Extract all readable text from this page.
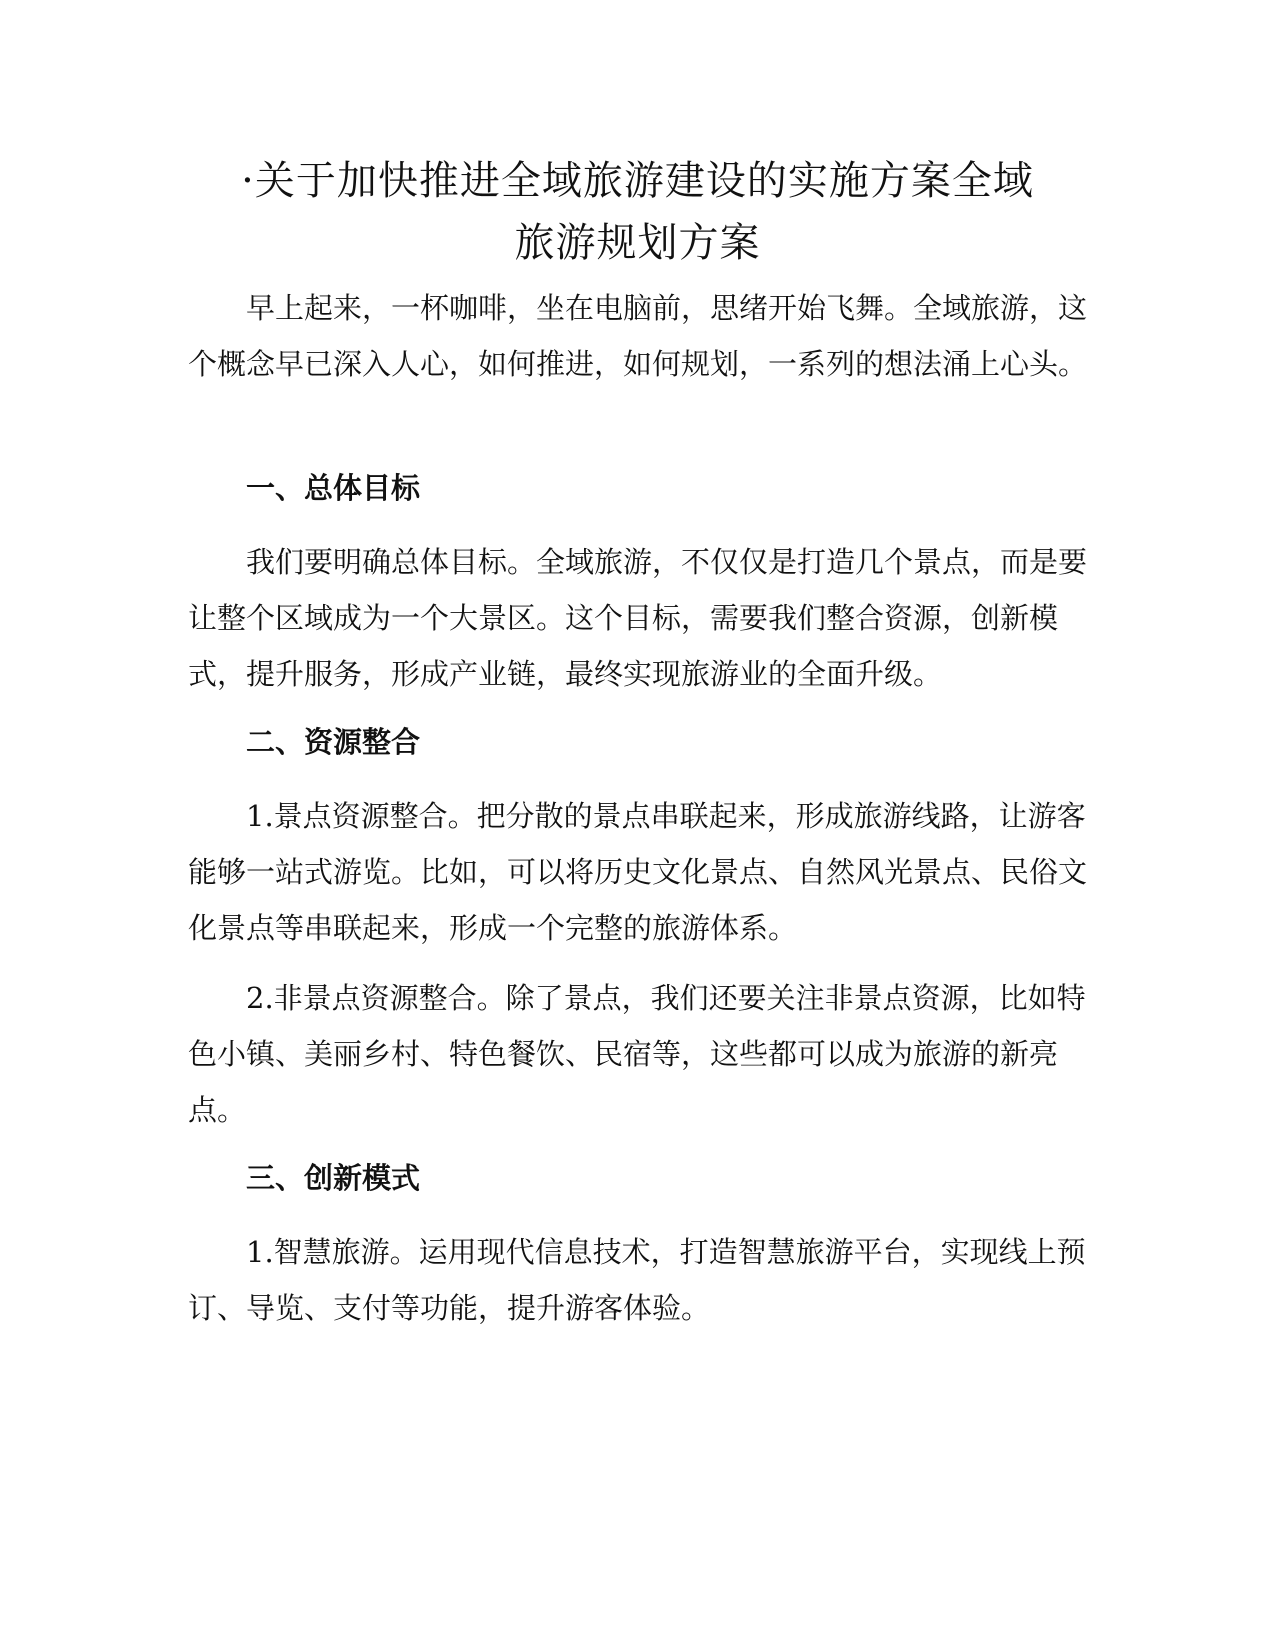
·关于加快推进全域旅游建设的实施方案全域
旅游规划方案

早上起来，一杯咖啡，坐在电脑前，思绪开始飞舞。全域旅游，这个概念早已深入人心，如何推进，如何规划，一系列的想法涌上心头。

一、总体目标

我们要明确总体目标。全域旅游，不仅仅是打造几个景点，而是要让整个区域成为一个大景区。这个目标，需要我们整合资源，创新模式，提升服务，形成产业链，最终实现旅游业的全面升级。

二、资源整合

1.景点资源整合。把分散的景点串联起来，形成旅游线路，让游客能够一站式游览。比如，可以将历史文化景点、自然风光景点、民俗文化景点等串联起来，形成一个完整的旅游体系。

2.非景点资源整合。除了景点，我们还要关注非景点资源，比如特色小镇、美丽乡村、特色餐饮、民宿等，这些都可以成为旅游的新亮点。

三、创新模式

1.智慧旅游。运用现代信息技术，打造智慧旅游平台，实现线上预订、导览、支付等功能，提升游客体验。
